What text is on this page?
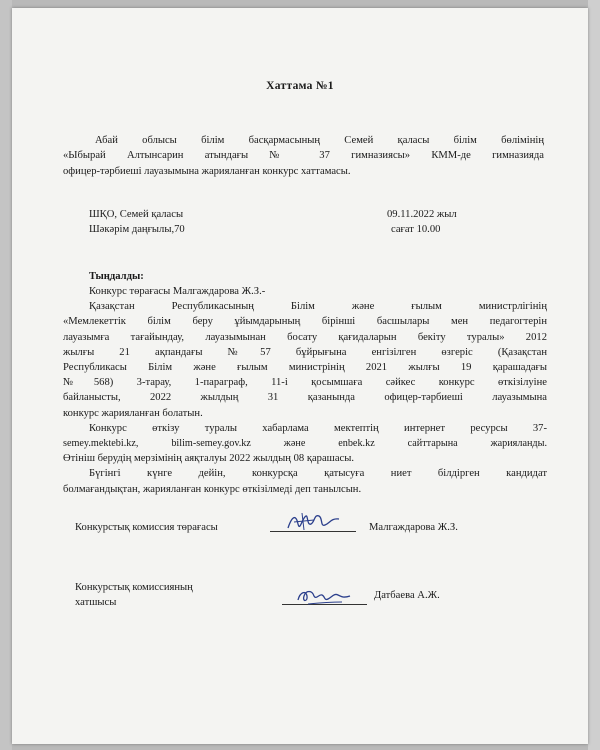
Хаттама №1
Абай облысы білім басқармасының Семей қаласы білім бөлімінің
«Ыбырай Алтынсарин атындағы № 37 гимназиясы» КММ-де гимназияда
офицер-тәрбиеші лауазымына жарияланған конкурс хаттамасы.
ШҚО, Семей қаласы
Шәкәрім даңғылы,70
09.11.2022 жыл
сағат 10.00
Тыңдалды:
Конкурс төрағасы Малгаждарова Ж.З.-
Қазақстан Республикасының Білім және ғылым министрлігінің
«Мемлекеттік білім беру ұйымдарының бірінші басшылары мен педагогтерін
лауазымға тағайындау, лауазымынан босату қағидаларын бекіту туралы» 2012
жылғы 21 ақпандағы №57 бұйрығына енгізілген өзгеріс (Қазақстан
Республикасы Білім және ғылым министрінің 2021 жылғы 19 қарашадағы
№568) 3-тарау, 1-параграф, 11-і қосымшаға сәйкес конкурс өткізілуіне
байланысты, 2022 жылдың 31 қазанында офицер-тәрбиеші лауазымына
конкурс жарияланған болатын.
Конкурс өткізу туралы хабарлама мектептің интернет ресурсы 37-
semey.mektebi.kz, bilim-semey.gov.kz және enbek.kz сайттарына жарияланды.
Өтініш берудің мерзімінің аяқталуы 2022 жылдың 08 қарашасы.
Бүгінгі күнге дейін, конкурсқа қатысуға ниет білдірген кандидат
болмағандықтан, жарияланған конкурс өткізілмеді деп танылсын.
Конкурстық комиссия төрағасы	Малгаждарова Ж.З.
Конкурстық комиссияның
хатшысы
Датбаева А.Ж.
